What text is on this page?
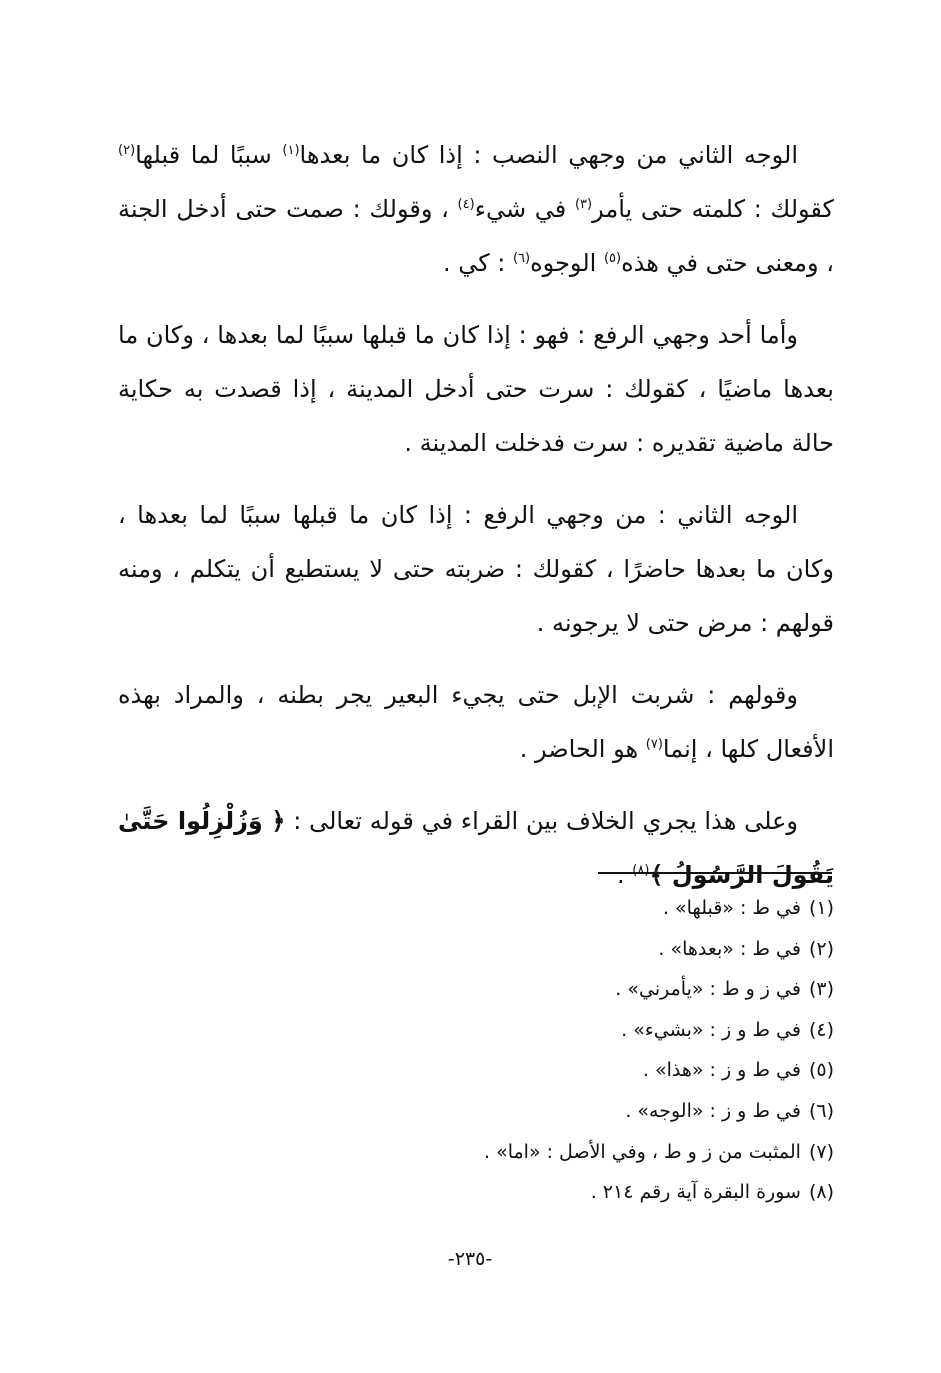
الوجه الثاني من وجهي النصب : إذا كان ما بعدها$^{(١)}$ سببًا لما قبلها$^{(٢)}$ كقولك : كلمته حتى يأمر$^{(٣)}$ في شيء$^{(٤)}$ ، وقولك : صمت حتى أدخل الجنة ، ومعنى حتى في هذه$^{(٥)}$ الوجوه$^{(٦)}$ : كي .

وأما أحد وجهي الرفع : فهو : إذا كان ما قبلها سببًا لما بعدها ، وكان ما بعدها ماضيًا ، كقولك : سرت حتى أدخل المدينة ، إذا قصدت به حكاية حالة ماضية تقديره : سرت فدخلت المدينة .

الوجه الثاني : من وجهي الرفع : إذا كان ما قبلها سببًا لما بعدها ، وكان ما بعدها حاضرًا ، كقولك : ضربته حتى لا يستطيع أن يتكلم ، ومنه قولهم : مرض حتى لا يرجونه .

وقولهم : شربت الإبل حتى يجيء البعير يجر بطنه ، والمراد بهذه الأفعال كلها ، إنما$^{(٧)}$ هو الحاضر .

وعلى هذا يجري الخلاف بين القراء في قوله تعالى : ﴿ وَزُلْزِلُوا حَتَّىٰ يَقُولَ الرَّسُولُ ﴾$^{(٨)}$ .

(١)في ط : «قبلها» .
(٢)في ط : «بعدها» .
(٣)في ز و ط : «يأمرني» .
(٤)في ط و ز : «بشيء» .
(٥)في ط و ز : «هذا» .
(٦)في ط و ز : «الوجه» .
(٧)المثبت من ز و ط ، وفي الأصل : «اما» .
(٨)سورة البقرة آية رقم ٢١٤ .
-٢٣٥-
